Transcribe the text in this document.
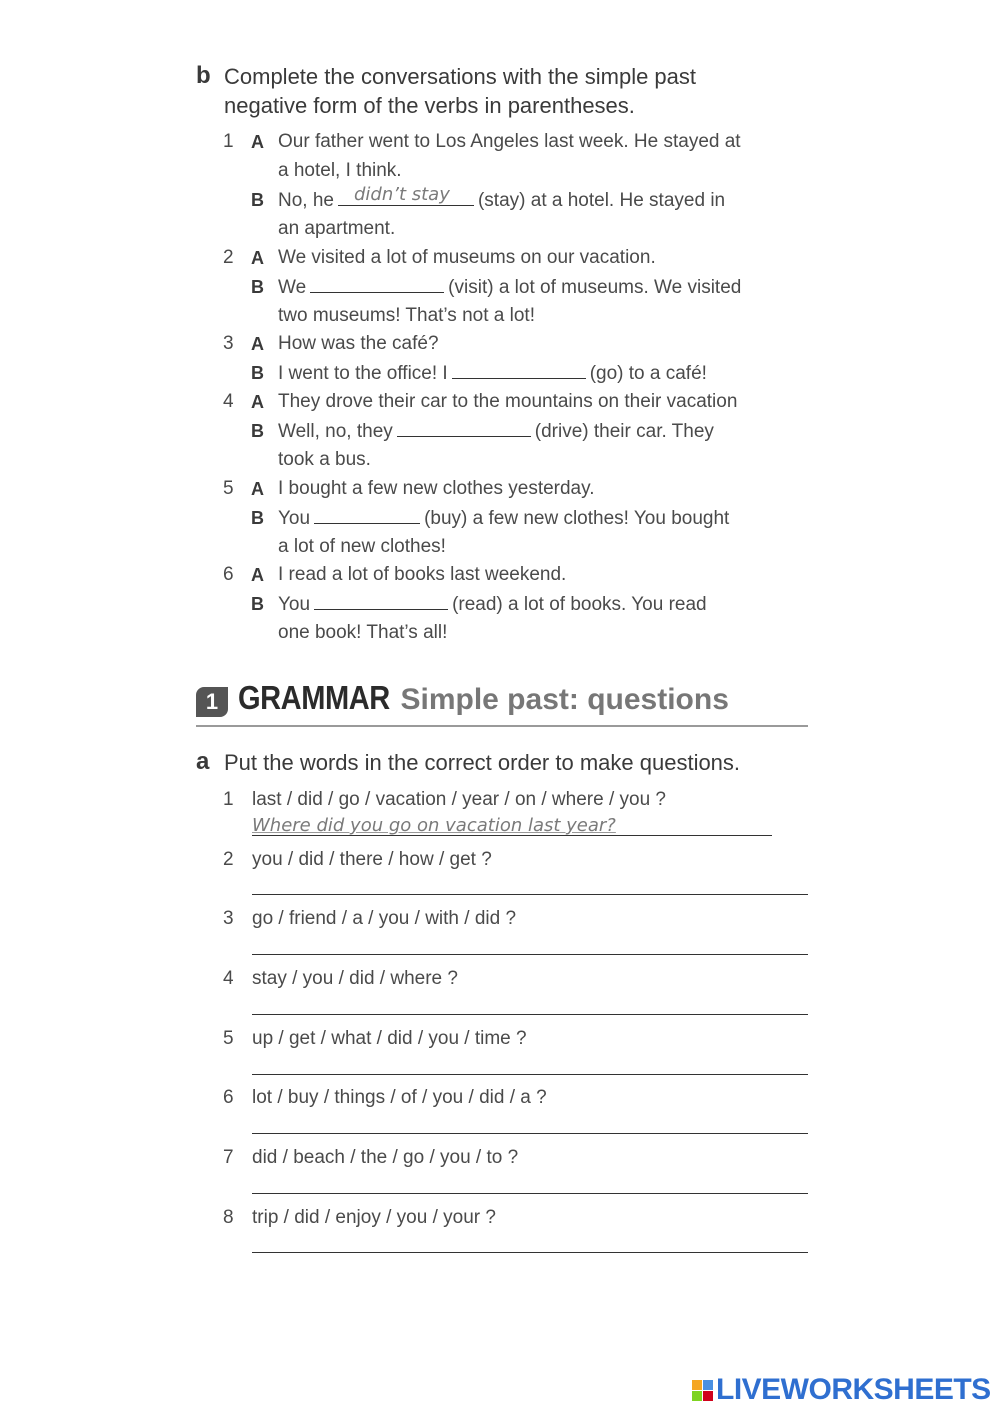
b Complete the conversations with the simple past
negative form of the verbs in parentheses.
1 A Our father went to Los Angeles last week. He stayed at
a hotel, I think.
B No, he didn’t stay (stay) at a hotel. He stayed in
an apartment.
2 A We visited a lot of museums on our vacation.
B We	(visit) a lot of museums. We visited
two museums! That’s not a lot!
3 A How was the café?
B I went to the office! I	(go) to a café!
4 A They drove their car to the mountains on their vacation
B Well, no, they	(drive) their car. They
took a bus.
5 A I bought a few new clothes yesterday.
B You	(buy) a few new clothes! You bought
a lot of new clothes!
6 A I read a lot of books last weekend.
B You	(read) a lot of books. You read
one book! That’s all!
1 GRAMMAR Simple past: questions
a Put the words in the correct order to make questions.
1 last / did / go / vacation / year / on / where / you ?
Where did you go on vacation last year?
2 you / did / there / how / get ?
3 go / friend / a / you / with / did ?
4 stay / you / did / where ?
5 up / get / what / did / you / time ?
6 lot / buy / things / of / you / did / a ?
7 did / beach / the / go / you / to ?
8 trip / did / enjoy / you / your ?
LIVEWORKSHEETS
